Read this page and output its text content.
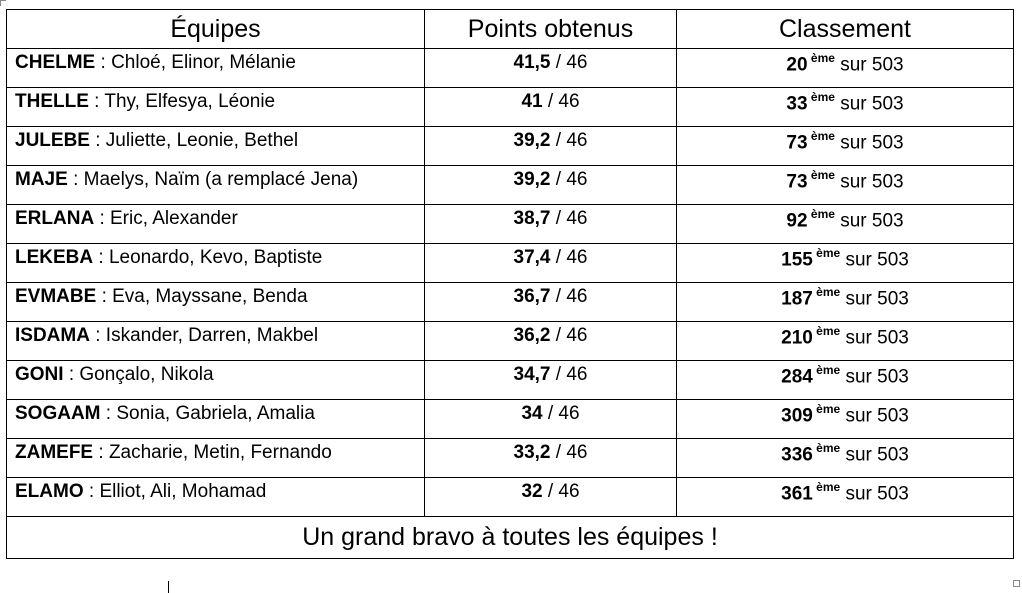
Équipes	Points obtenus	Classement
CHELME : Chloé, Elinor, Mélanie	41,5 / 46	20 $^{ème}$ sur 503
THELLE : Thy, Elfesya, Léonie	41 / 46	33 $^{ème}$ sur 503
JULEBE : Juliette, Leonie, Bethel	39,2 / 46	73 $^{ème}$ sur 503
MAJE : Maelys, Naïm (a remplacé Jena)	39,2 / 46	73 $^{ème}$ sur 503
ERLANA : Eric, Alexander	38,7 / 46	92 $^{ème}$ sur 503
LEKEBA : Leonardo, Kevo, Baptiste	37,4 / 46	155 $^{ème}$ sur 503
EVMABE : Eva, Mayssane, Benda	36,7 / 46	187 $^{ème}$ sur 503
ISDAMA : Iskander, Darren, Makbel	36,2 / 46	210 $^{ème}$ sur 503
GONI : Gonçalo, Nikola	34,7 / 46	284 $^{ème}$ sur 503
SOGAAM : Sonia, Gabriela, Amalia	34 / 46	309 $^{ème}$ sur 503
ZAMEFE : Zacharie, Metin, Fernando	33,2 / 46	336 $^{ème}$ sur 503
ELAMO : Elliot, Ali, Mohamad	32 / 46	361 $^{ème}$ sur 503
Un grand bravo à toutes les équipes !		
